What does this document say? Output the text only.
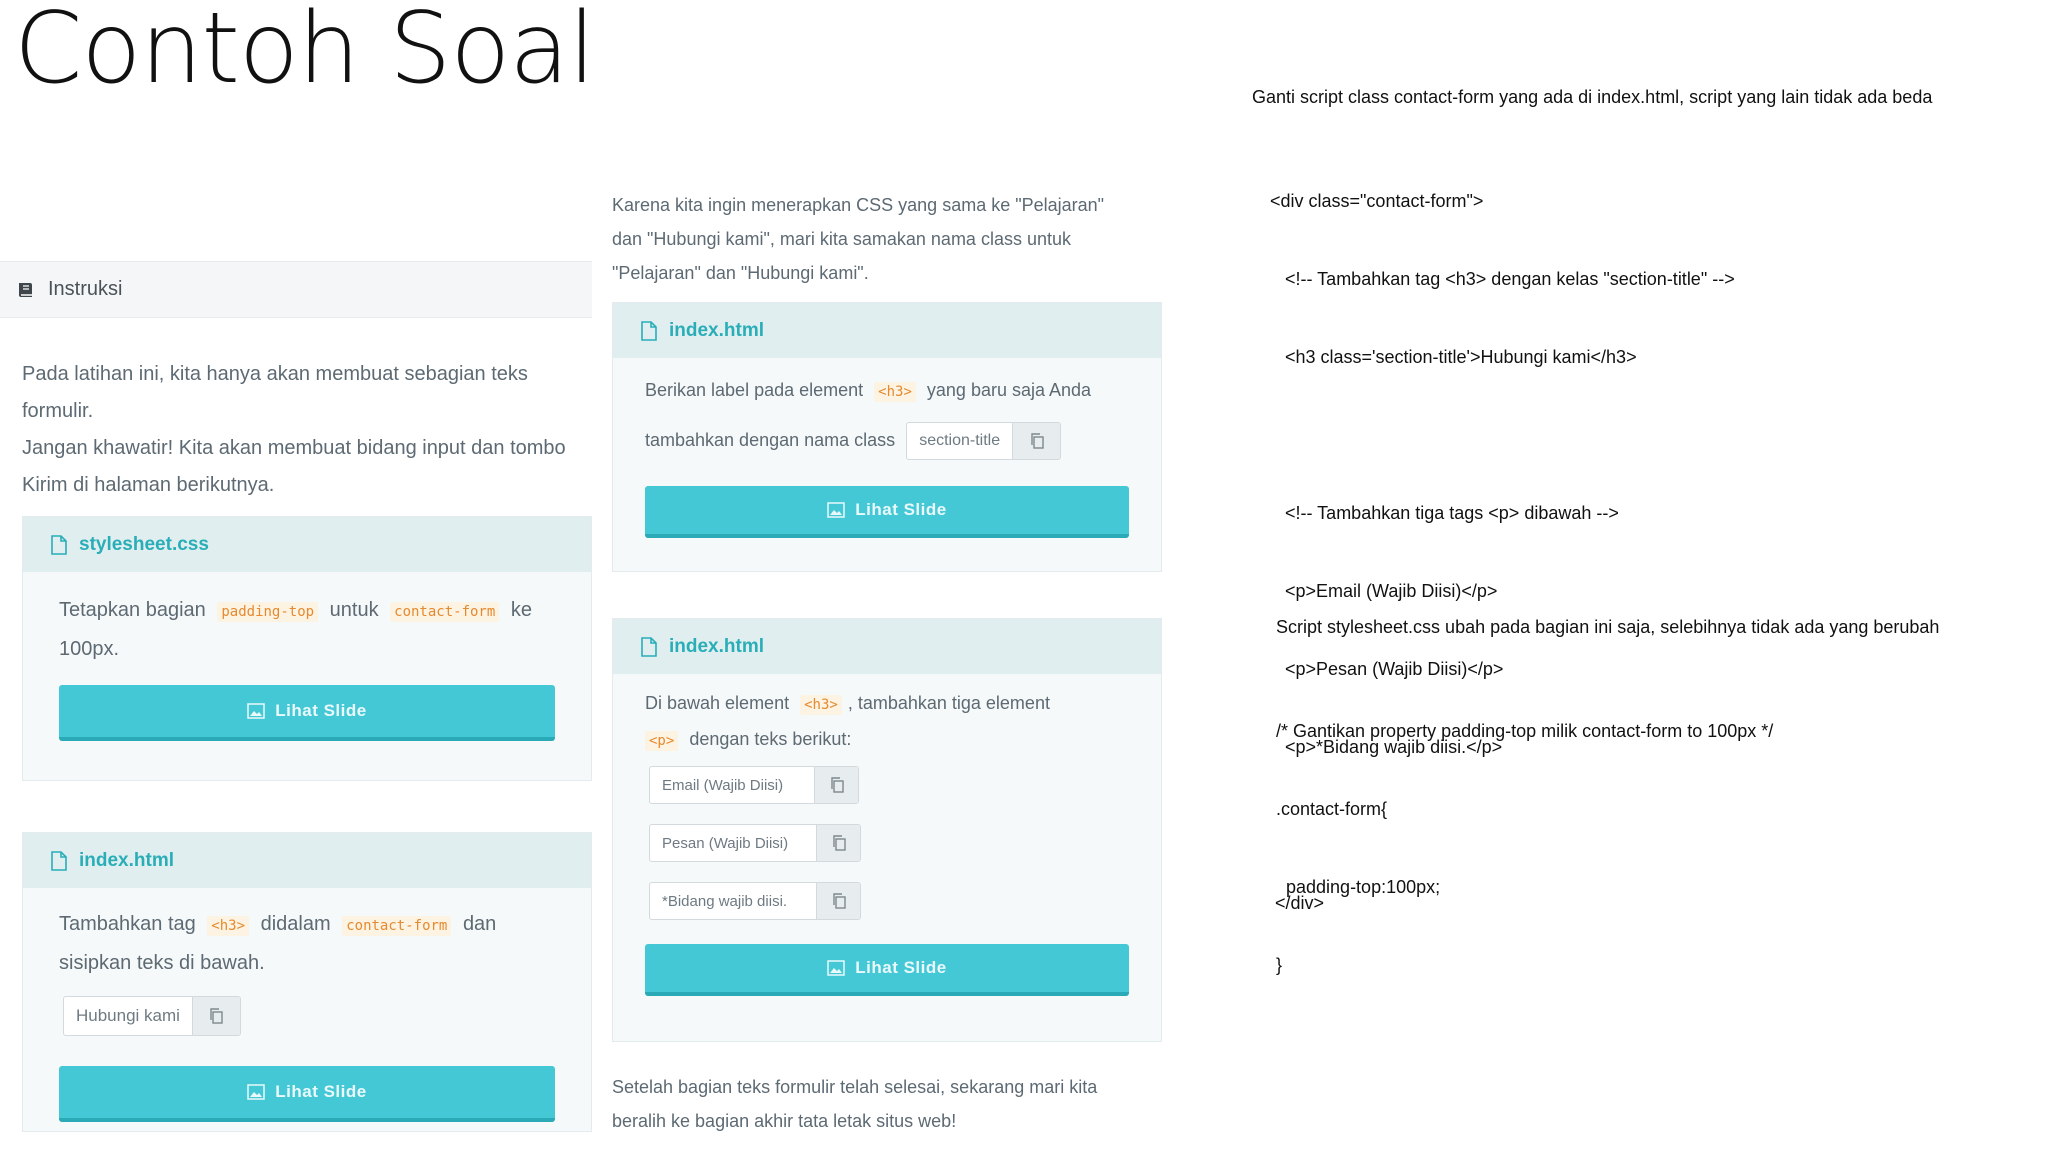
Contoh Soal
Instruksi
Pada latihan ini, kita hanya akan membuat sebagian teks
formulir.
Jangan khawatir! Kita akan membuat bidang input dan tombo
Kirim di halaman berikutnya.
stylesheet.css
Tetapkan bagian padding-top untuk contact-form ke
100px.
Lihat Slide
index.html
Tambahkan tag <h3> didalam contact-form dan
sisipkan teks di bawah.
Hubungi kami
Lihat Slide
Karena kita ingin menerapkan CSS yang sama ke "Pelajaran"
dan "Hubungi kami", mari kita samakan nama class untuk
"Pelajaran" dan "Hubungi kami".
index.html
Berikan label pada element <h3> yang baru saja Anda
tambahkan dengan nama class	section-title
Lihat Slide
index.html
Di bawah element <h3> , tambahkan tiga element
<p> dengan teks berikut:
Email (Wajib Diisi)
Pesan (Wajib Diisi)
*Bidang wajib diisi.
Lihat Slide
Setelah bagian teks formulir telah selesai, sekarang mari kita
beralih ke bagian akhir tata letak situs web!
Ganti script class contact-form yang ada di index.html, script yang lain tidak ada beda

<div class="contact-form">

<!-- Tambahkan tag <h3> dengan kelas "section-title" -->

<h3 class='section-title'>Hubungi kami</h3>

<!-- Tambahkan tiga tags <p> dibawah -->

<p>Email (Wajib Diisi)</p>

<p>Pesan (Wajib Diisi)</p>

<p>*Bidang wajib diisi.</p>

</div>

Script stylesheet.css ubah pada bagian ini saja, selebihnya tidak ada yang berubah

/* Gantikan property padding-top milik contact-form to 100px */

.contact-form{

padding-top:100px;

}
